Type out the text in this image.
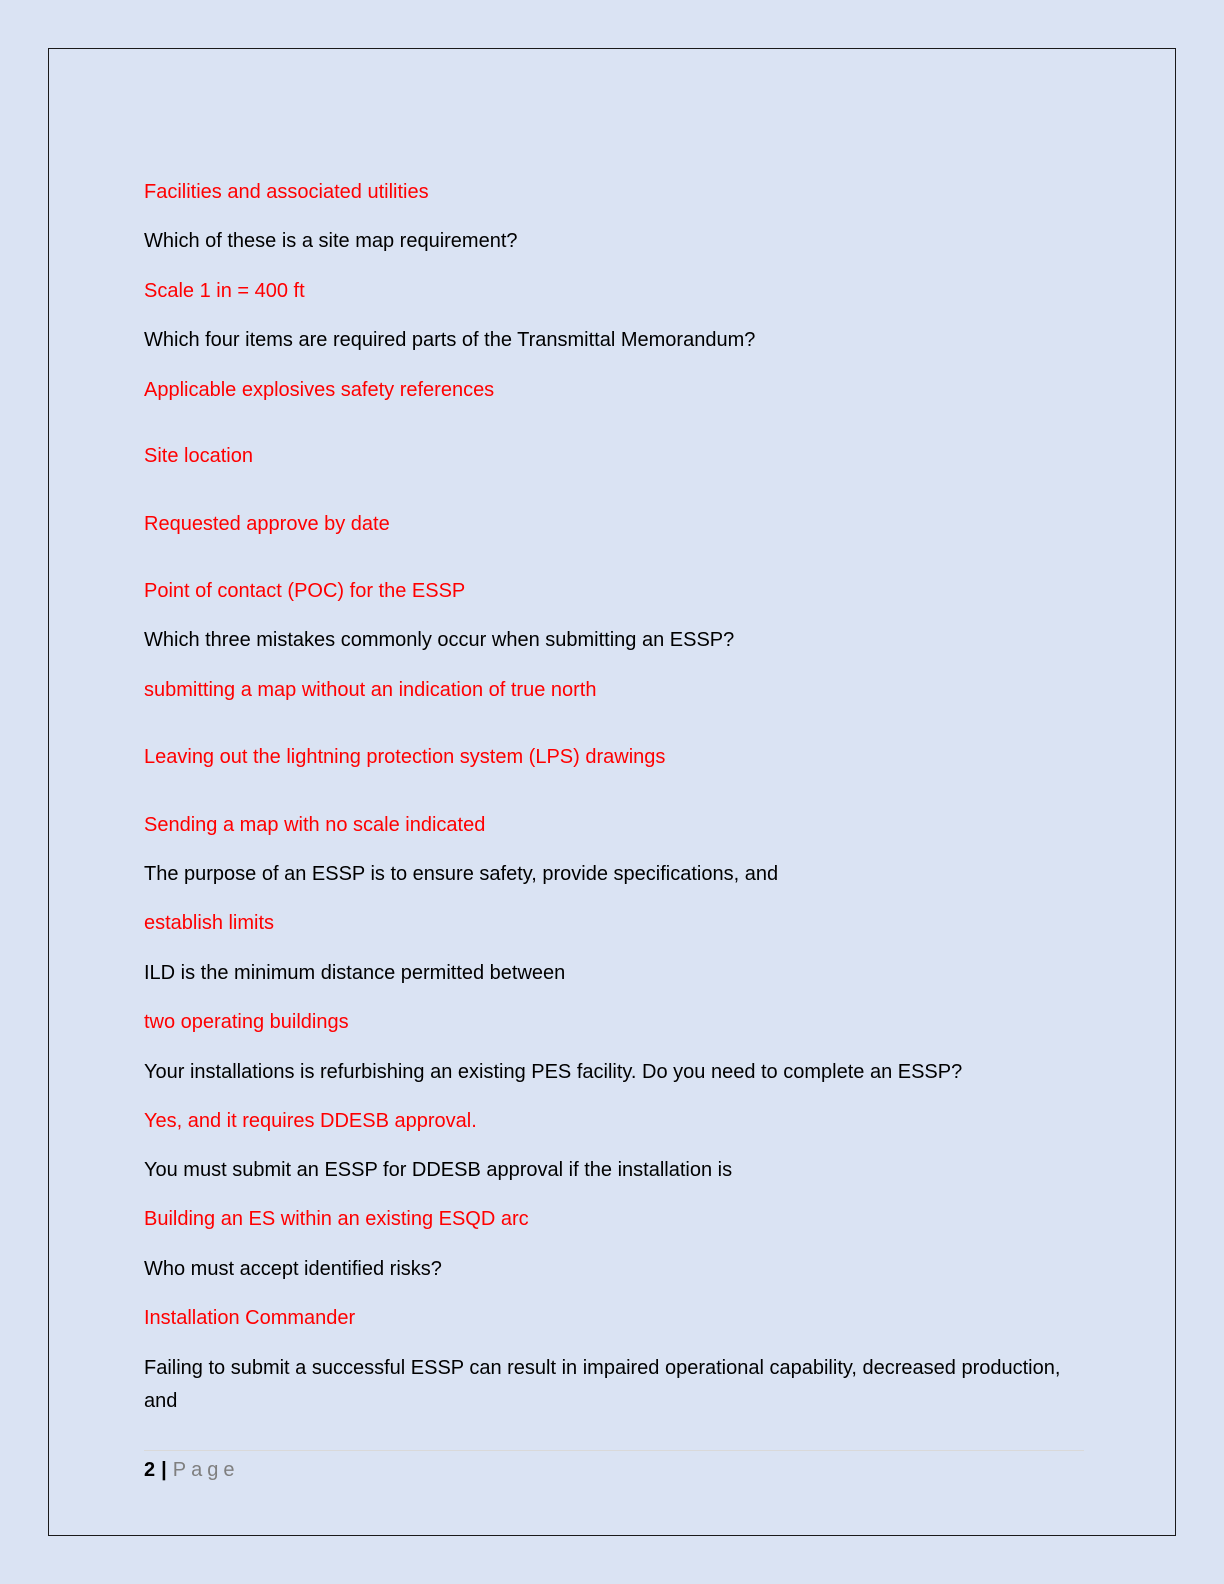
Facilities and associated utilities
Which of these is a site map requirement?
Scale 1 in = 400 ft
Which four items are required parts of the Transmittal Memorandum?
Applicable explosives safety references
Site location
Requested approve by date
Point of contact (POC) for the ESSP
Which three mistakes commonly occur when submitting an ESSP?
submitting a map without an indication of true north
Leaving out the lightning protection system (LPS) drawings
Sending a map with no scale indicated
The purpose of an ESSP is to ensure safety, provide specifications, and
establish limits
ILD is the minimum distance permitted between
two operating buildings
Your installations is refurbishing an existing PES facility. Do you need to complete an ESSP?
Yes, and it requires DDESB approval.
You must submit an ESSP for DDESB approval if the installation is
Building an ES within an existing ESQD arc
Who must accept identified risks?
Installation Commander
Failing to submit a successful ESSP can result in impaired operational capability, decreased production, and
2 | Page
